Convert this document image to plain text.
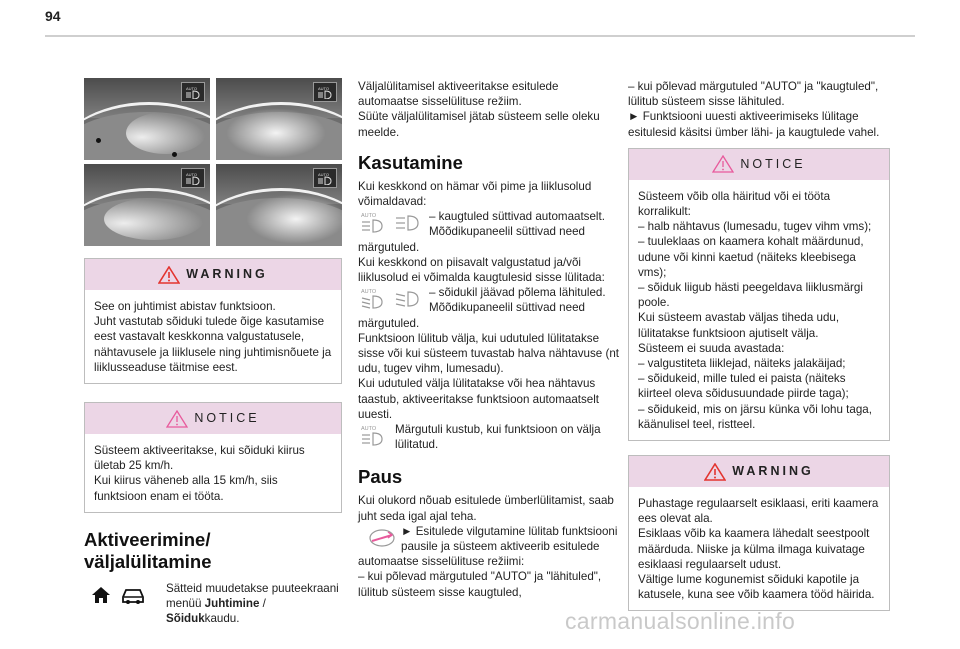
94
AUTO	AUTO
AUTO	AUTO
WARNING
See on juhtimist abistav funktsioon.
Juht vastutab sõiduki tulede õige kasutamise eest vastavalt keskkonna valgustatusele, nähtavusele ja liiklusele ning juhtimisnõuete ja liiklusseaduse täitmise eest.
NOTICE
Süsteem aktiveeritakse, kui sõiduki kiirus ületab 25 km/h.
Kui kiirus väheneb alla 15 km/h, siis funktsioon enam ei tööta.
Aktiveerimine/
väljalülitamine
Sätteid muudetakse puuteekraani menüü Juhtimine / Sõidukkaudu.
Väljalülitamisel aktiveeritakse esitulede automaatse sisselülituse režiim.
Süüte väljalülitamisel jätab süsteem selle oleku meelde.
Kasutamine
Kui keskkond on hämar või pime ja liiklusolud võimaldavad:
AUTO	– kaugtuled süttivad automaatselt. Mõõdikupaneelil süttivad need märgutuled.
Kui keskkond on piisavalt valgustatud ja/või liiklusolud ei võimalda kaugtulesid sisse lülitada:
AUTO	– sõidukil jäävad põlema lähituled. Mõõdikupaneelil süttivad need märgutuled.
Funktsioon lülitub välja, kui udutuled lülitatakse sisse või kui süsteem tuvastab halva nähtavuse (nt udu, tugev vihm, lumesadu).
Kui udutuled välja lülitatakse või hea nähtavus taastub, aktiveeritakse funktsioon automaatselt uuesti.
AUTO Märgutuli kustub, kui funktsioon on välja lülitatud.
Paus
Kui olukord nõuab esitulede ümberlülitamist, saab juht seda igal ajal teha.
► Esitulede vilgutamine lülitab funktsiooni pausile ja süsteem aktiveerib esitulede automaatse sisselülituse režiimi:
– kui põlevad märgutuled "AUTO" ja "lähituled", lülitub süsteem sisse kaugtuled,
– kui põlevad märgutuled "AUTO" ja "kaugtuled", lülitub süsteem sisse lähituled.
► Funktsiooni uuesti aktiveerimiseks lülitage esitulesid käsitsi ümber lähi- ja kaugtulede vahel.
NOTICE
Süsteem võib olla häiritud või ei tööta korralikult:
– halb nähtavus (lumesadu, tugev vihm vms);
– tuuleklaas on kaamera kohalt määrdunud, udune või kinni kaetud (näiteks kleebisega vms);
– sõiduk liigub hästi peegeldava liiklusmärgi poole.
Kui süsteem avastab väljas tiheda udu, lülitatakse funktsioon ajutiselt välja.
Süsteem ei suuda avastada:
– valgustiteta liiklejad, näiteks jalakäijad;
– sõidukeid, mille tuled ei paista (näiteks kiirteel oleva sõidusuundade piirde taga);
– sõidukeid, mis on järsu künka või lohu taga, käänulisel teel, ristteel.
WARNING
Puhastage regulaarselt esiklaasi, eriti kaamera ees olevat ala.
Esiklaas võib ka kaamera lähedalt seestpoolt määrduda. Niiske ja külma ilmaga kuivatage esiklaasi regulaarselt udust.
Vältige lume kogunemist sõiduki kapotile ja katusele, kuna see võib kaamera tööd häirida.
carmanualsonline.info
